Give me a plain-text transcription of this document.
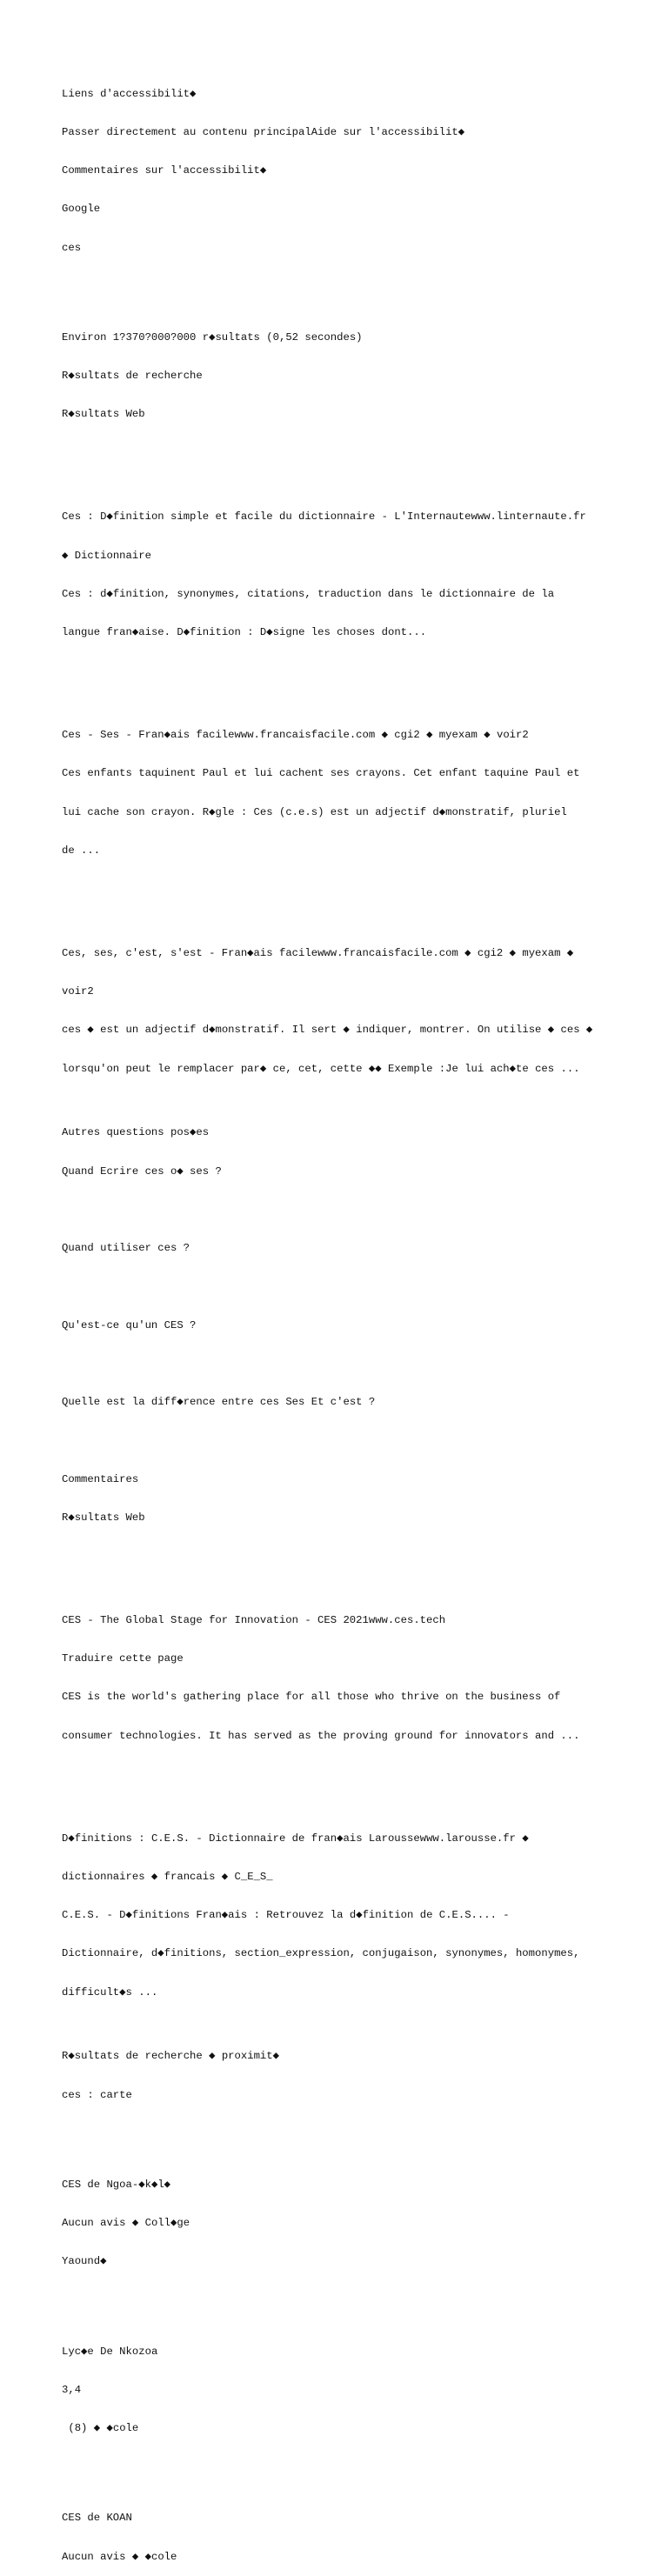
Liens d'accessibilit◆

Passer directement au contenu principalAide sur l'accessibilit◆

Commentaires sur l'accessibilit◆

Google

ces

Environ 1?370?000?000 r◆sultats (0,52 secondes)

R◆sultats de recherche

R◆sultats Web

Ces : D◆finition simple et facile du dictionnaire - L'Internautewww.linternaute.fr

◆ Dictionnaire

Ces : d◆finition, synonymes, citations, traduction dans le dictionnaire de la

langue fran◆aise. D◆finition : D◆signe les choses dont...

Ces - Ses - Fran◆ais facilewww.francaisfacile.com ◆ cgi2 ◆ myexam ◆ voir2

Ces enfants taquinent Paul et lui cachent ses crayons. Cet enfant taquine Paul et

lui cache son crayon. R◆gle : Ces (c.e.s) est un adjectif d◆monstratif, pluriel

de ...

Ces, ses, c'est, s'est - Fran◆ais facilewww.francaisfacile.com ◆ cgi2 ◆ myexam ◆

voir2

ces ◆ est un adjectif d◆monstratif. Il sert ◆ indiquer, montrer. On utilise ◆ ces ◆

lorsqu'on peut le remplacer par◆ ce, cet, cette ◆◆ Exemple :Je lui ach◆te ces ...

Autres questions pos◆es

Quand Ecrire ces o◆ ses ?

Quand utiliser ces ?

Qu'est-ce qu'un CES ?

Quelle est la diff◆rence entre ces Ses Et c'est ?

Commentaires

R◆sultats Web

CES - The Global Stage for Innovation - CES 2021www.ces.tech

Traduire cette page

CES is the world's gathering place for all those who thrive on the business of

consumer technologies. It has served as the proving ground for innovators and ...

D◆finitions : C.E.S. - Dictionnaire de fran◆ais Laroussewww.larousse.fr ◆

dictionnaires ◆ francais ◆ C_E_S_

C.E.S. - D◆finitions Fran◆ais : Retrouvez la d◆finition de C.E.S.... -

Dictionnaire, d◆finitions, section_expression, conjugaison, synonymes, homonymes,

difficult◆s ...

R◆sultats de recherche ◆ proximit◆

ces : carte

CES de Ngoa-◆k◆l◆

Aucun avis ◆ Coll◆ge

Yaound◆

Lyc◆e De Nkozoa

3,4

(8) ◆ ◆cole

CES de KOAN

Aucun avis ◆ ◆cole
